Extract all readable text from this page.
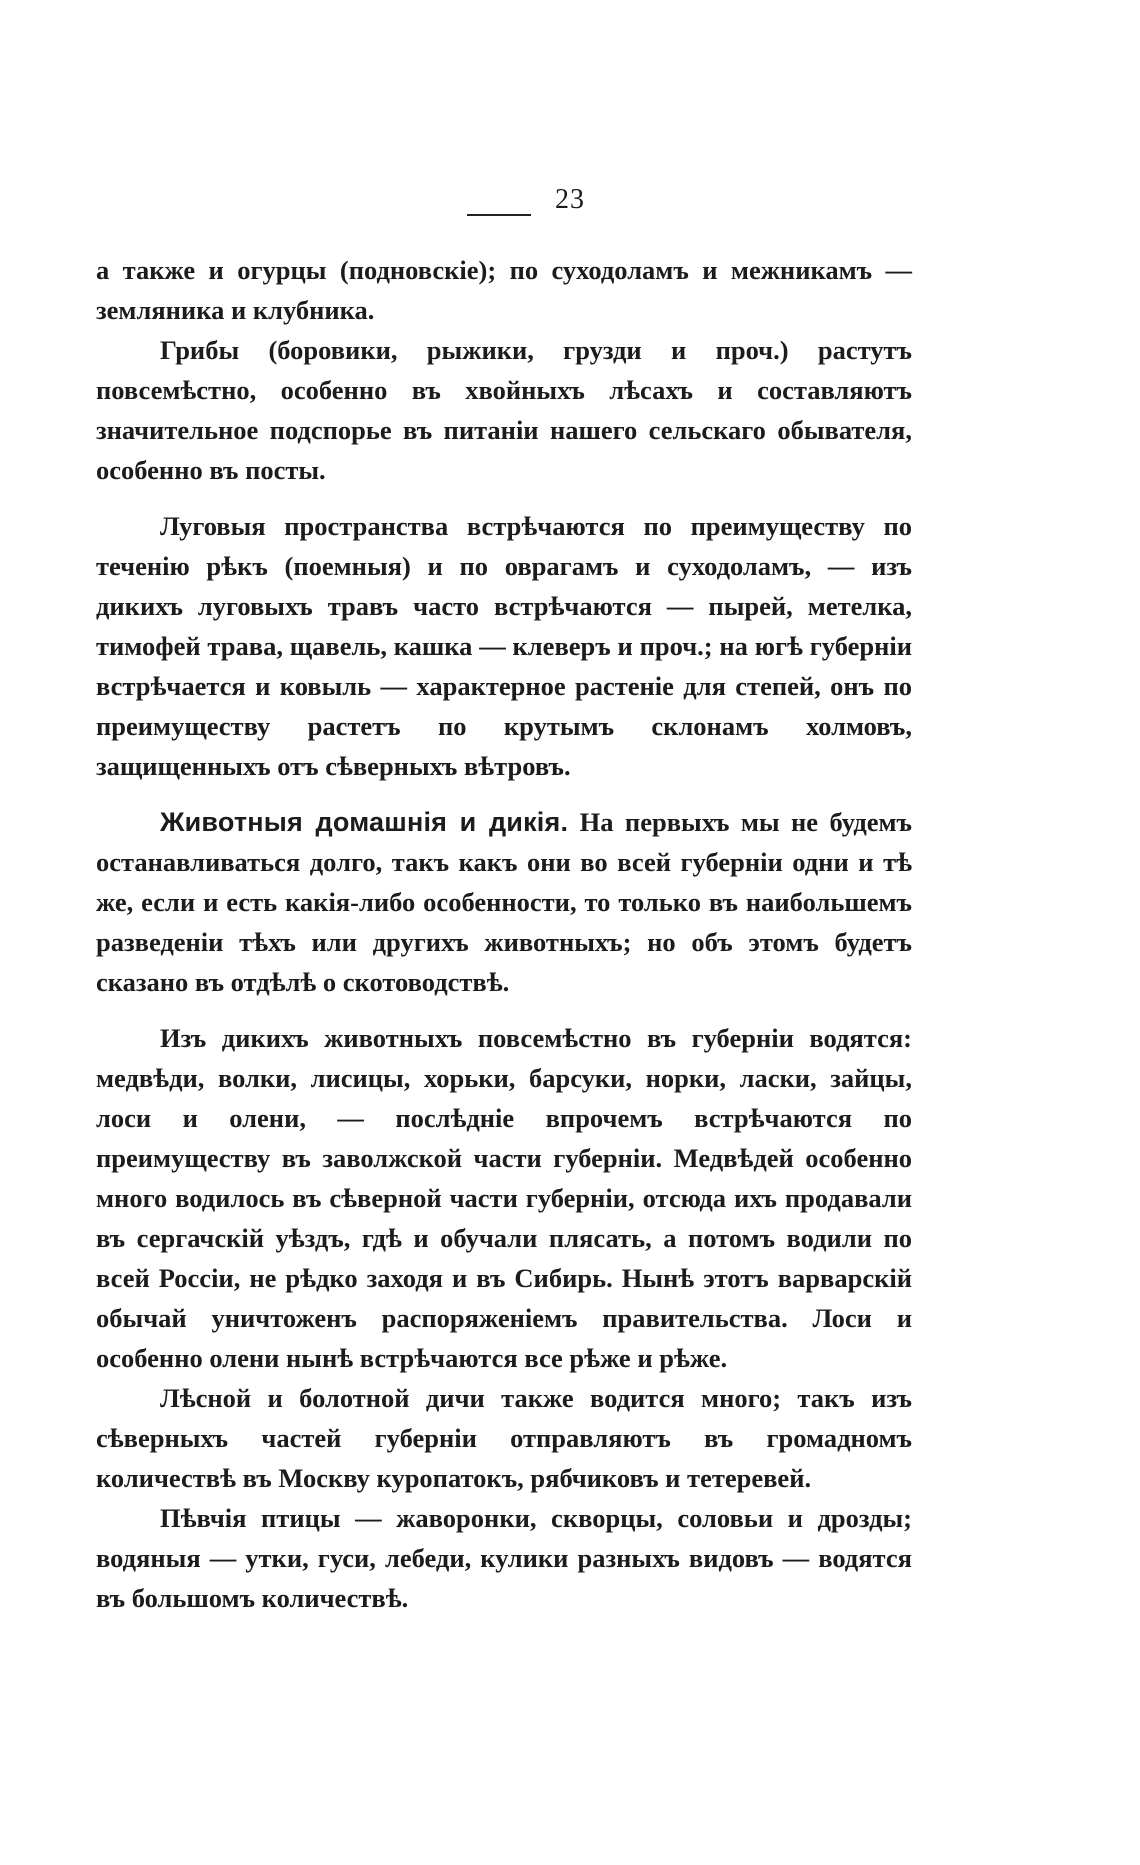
23

а также и огурцы (подновскіе); по суходоламъ и межникамъ — земляника и клубника.

Грибы (боровики, рыжики, грузди и проч.) растутъ повсемѣстно, особенно въ хвойныхъ лѣсахъ и составляютъ значительное подспорье въ питаніи нашего сельскаго обывателя, особенно въ посты.

Луговыя пространства встрѣчаются по преимуществу по теченію рѣкъ (поемныя) и по оврагамъ и суходоламъ, — изъ дикихъ луговыхъ травъ часто встрѣчаются — пырей, метелка, тимофей трава, щавель, кашка — клеверъ и проч.; на югѣ губерніи встрѣчается и ковыль — характерное растеніе для степей, онъ по преимуществу растетъ по крутымъ склонамъ холмовъ, защищенныхъ отъ сѣверныхъ вѣтровъ.

Животныя домашнія и дикія. На первыхъ мы не будемъ останавливаться долго, такъ какъ они во всей губерніи одни и тѣ же, если и есть какія-либо особенности, то только въ наибольшемъ разведеніи тѣхъ или другихъ животныхъ; но объ этомъ будетъ сказано въ отдѣлѣ о скотоводствѣ.

Изъ дикихъ животныхъ повсемѣстно въ губерніи водятся: медвѣди, волки, лисицы, хорьки, барсуки, норки, ласки, зайцы, лоси и олени, — послѣдніе впрочемъ встрѣчаются по преимуществу въ заволжской части губерніи. Медвѣдей особенно много водилось въ сѣверной части губерніи, отсюда ихъ продавали въ сергачскій уѣздъ, гдѣ и обучали плясать, а потомъ водили по всей Россіи, не рѣдко заходя и въ Сибирь. Нынѣ этотъ варварскій обычай уничтоженъ распоряженіемъ правительства. Лоси и особенно олени нынѣ встрѣчаются все рѣже и рѣже.

Лѣсной и болотной дичи также водится много; такъ изъ сѣверныхъ частей губерніи отправляютъ въ громадномъ количествѣ въ Москву куропатокъ, рябчиковъ и тетеревей.

Пѣвчія птицы — жаворонки, скворцы, соловьи и дрозды; водяныя — утки, гуси, лебеди, кулики разныхъ видовъ — водятся въ большомъ количествѣ.
